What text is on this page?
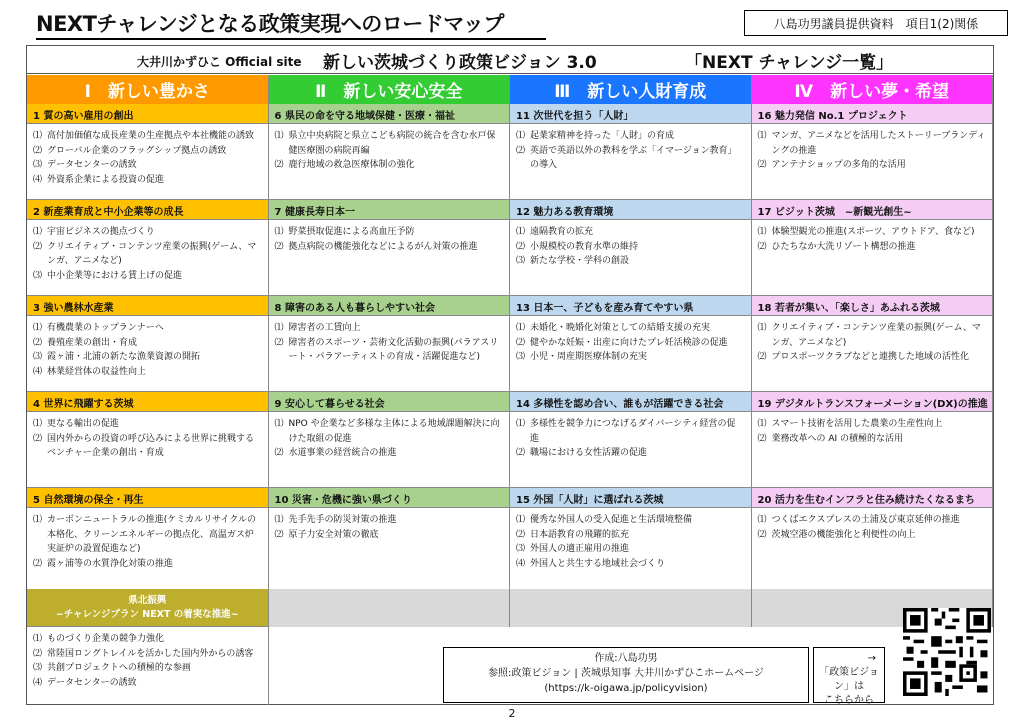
NEXTチャレンジとなる政策実現へのロードマップ	八島功男議員提供資料　項目1(2)関係
大井川かずひこ Official site 新しい茨城づくり政策ビジョン 3.0	「NEXT チャレンジ一覧」
Ⅰ　新しい豊かさ	Ⅱ　新しい安心安全	Ⅲ　新しい人財育成	Ⅳ　新しい夢・希望
1 質の高い雇用の創出
⑴ 高付加価値な成長産業の生産拠点や本社機能の誘致
⑵ グローバル企業のフラッグシップ拠点の誘致
⑶ データセンターの誘致
⑷ 外資系企業による投資の促進
6 県民の命を守る地域保健・医療・福祉
⑴ 県立中央病院と県立こども病院の統合を含む水戸保健医療圏の病院再編
⑵ 鹿行地域の救急医療体制の強化
11 次世代を担う「人財」
⑴ 起業家精神を持った「人財」の育成
⑵ 英語で英語以外の教科を学ぶ「イマージョン教育」の導入
16 魅力発信 No.1 プロジェクト
⑴ マンガ、アニメなどを活用したストーリーブランディングの推進
⑵ アンテナショップの多角的な活用
2 新産業育成と中小企業等の成長
⑴ 宇宙ビジネスの拠点づくり
⑵ クリエイティブ・コンテンツ産業の振興(ゲーム、マンガ、アニメなど)
⑶ 中小企業等における賃上げの促進
7 健康長寿日本一
⑴ 野菜摂取促進による高血圧予防
⑵ 拠点病院の機能強化などによるがん対策の推進
12 魅力ある教育環境
⑴ 遠隔教育の拡充
⑵ 小規模校の教育水準の維持
⑶ 新たな学校・学科の創設
17 ビジット茨城　~新観光創生~
⑴ 体験型観光の推進(スポーツ、アウトドア、食など)
⑵ ひたちなか大洗リゾート構想の推進
3 強い農林水産業
⑴ 有機農業のトップランナーへ
⑵ 養殖産業の創出・育成
⑶ 霞ヶ浦・北浦の新たな漁業資源の開拓
⑷ 林業経営体の収益性向上
8 障害のある人も暮らしやすい社会
⑴ 障害者の工賃向上
⑵ 障害者のスポーツ・芸術文化活動の振興(パラアスリート・パラアーティストの育成・活躍促進など)
13 日本一、子どもを産み育てやすい県
⑴ 未婚化・晩婚化対策としての結婚支援の充実
⑵ 健やかな妊娠・出産に向けたプレ妊活検診の促進
⑶ 小児・周産期医療体制の充実
18 若者が集い、「楽しさ」あふれる茨城
⑴ クリエイティブ・コンテンツ産業の振興(ゲーム、マンガ、アニメなど)
⑵ プロスポーツクラブなどと連携した地域の活性化
4 世界に飛躍する茨城
⑴ 更なる輸出の促進
⑵ 国内外からの投資の呼び込みによる世界に挑戦するベンチャー企業の創出・育成
9 安心して暮らせる社会
⑴ NPO や企業など多様な主体による地域課題解決に向けた取組の促進
⑵ 水道事業の経営統合の推進
14 多様性を認め合い、誰もが活躍できる社会
⑴ 多様性を競争力につなげるダイバーシティ経営の促進
⑵ 職場における女性活躍の促進
19 デジタルトランスフォーメーション(DX)の推進
⑴ スマート技術を活用した農業の生産性向上
⑵ 業務改革への AI の積極的な活用
5 自然環境の保全・再生
⑴ カーボンニュートラルの推進(ケミカルリサイクルの本格化、クリーンエネルギーの拠点化、高温ガス炉実証炉の設置促進など)
⑵ 霞ヶ浦等の水質浄化対策の推進
10 災害・危機に強い県づくり
⑴ 先手先手の防災対策の推進
⑵ 原子力安全対策の徹底
15 外国「人財」に選ばれる茨城
⑴ 優秀な外国人の受入促進と生活環境整備
⑵ 日本語教育の飛躍的拡充
⑶ 外国人の適正雇用の推進
⑷ 外国人と共生する地域社会づくり
20 活力を生むインフラと住み続けたくなるまち
⑴ つくばエクスプレスの土浦及び東京延伸の推進
⑵ 茨城空港の機能強化と利便性の向上
県北振興
~チャレンジプラン NEXT の着実な推進~
⑴ ものづくり企業の競争力強化
⑵ 常陸国ロングトレイルを活かした国内外からの誘客
⑶ 共創プロジェクトへの積極的な参画
⑷ データセンターの誘致
作成:八島功男
参照:政策ビジョン | 茨城県知事 大井川かずひこホームページ
(https://k-oigawa.jp/policyvision)
→
「政策ビジョン」は
こちらから
2
